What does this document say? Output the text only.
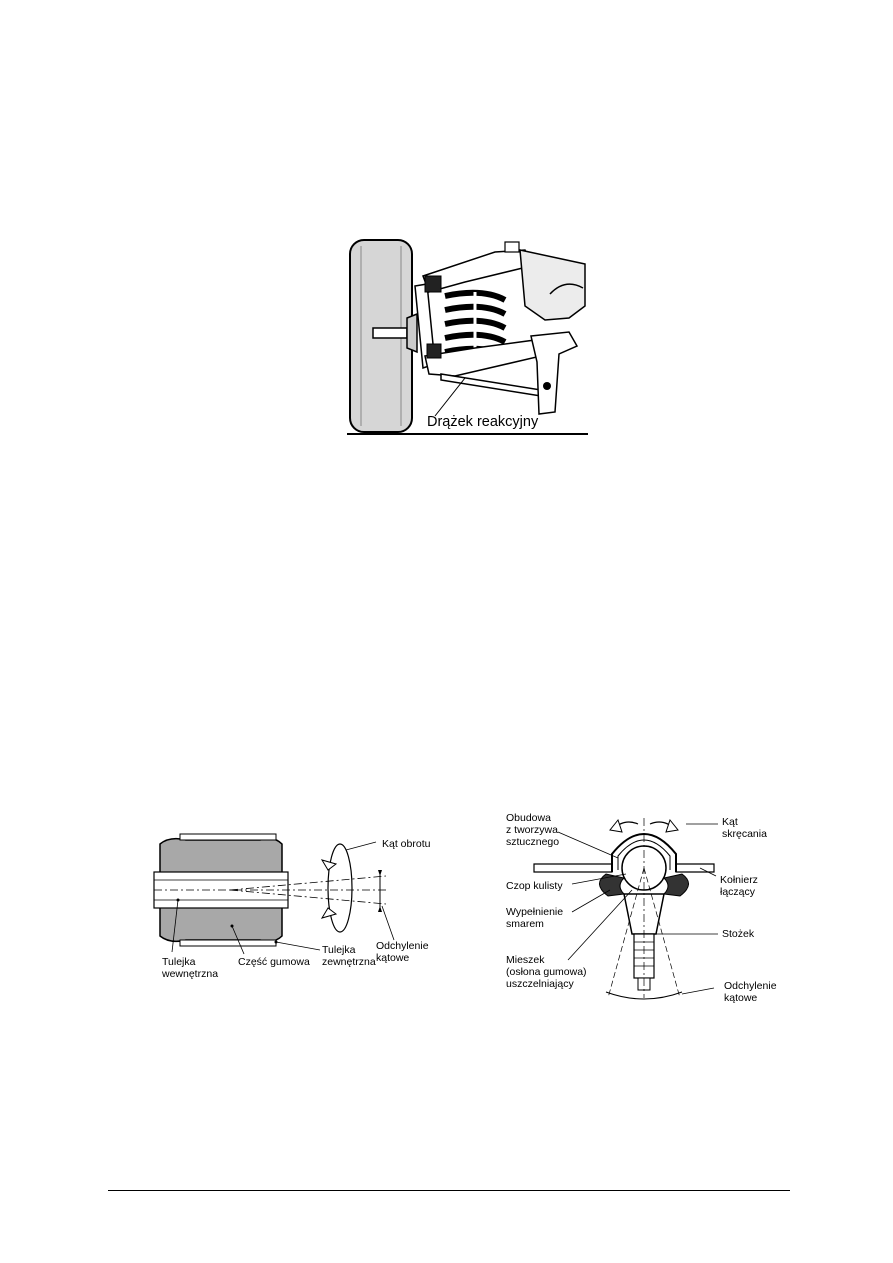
Drążek reakcyjny
Kąt obrotu
Odchylenie
kątowe
Tulejka
wewnętrzna
Część gumowa
Tulejka
zewnętrzna
Obudowa
z tworzywa
sztucznego
Kąt
skręcania
Kołnierz
łączący
Czop kulisty
Wypełnienie
smarem
Stożek
Mieszek
(osłona gumowa)
uszczelniający	Odchylenie
kątowe
